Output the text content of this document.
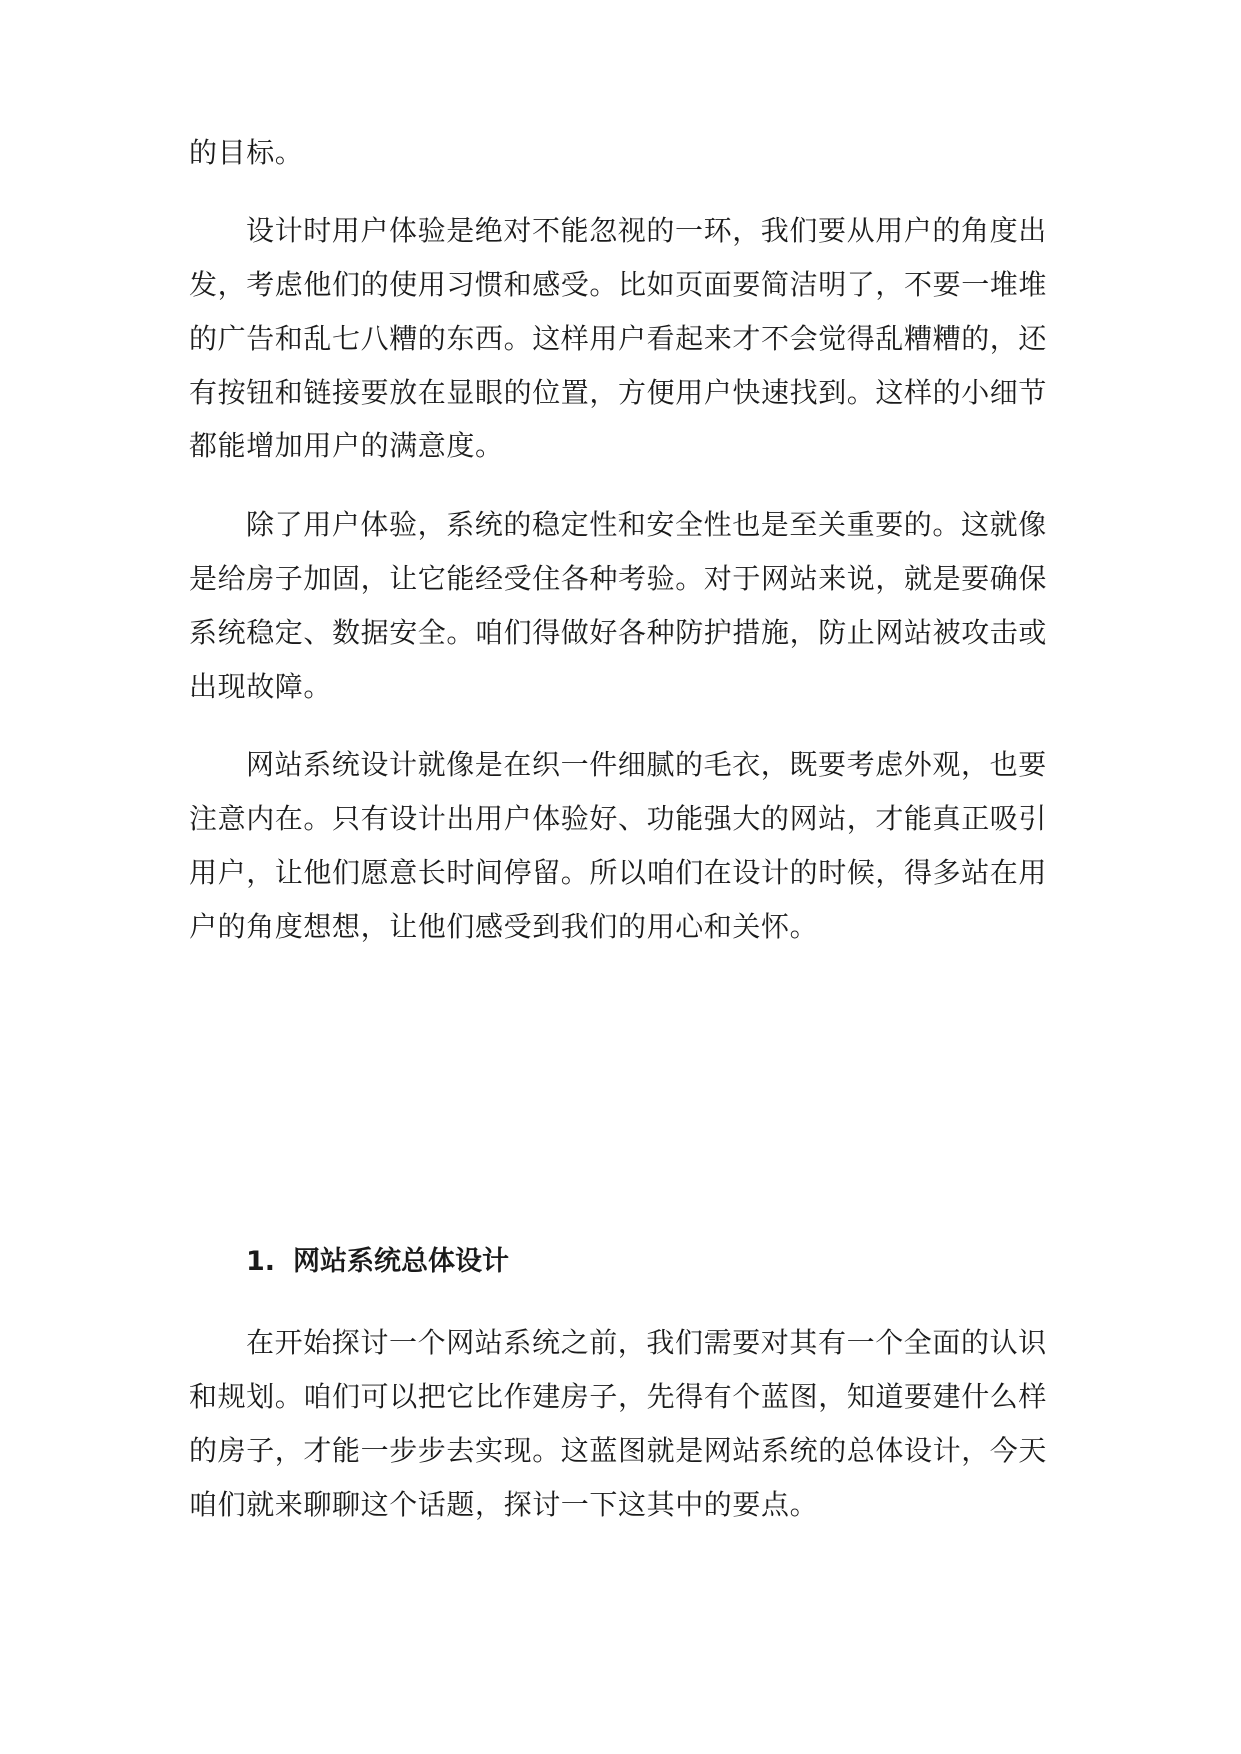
的目标。
设计时用户体验是绝对不能忽视的一环，我们要从用户的角度出
发，考虑他们的使用习惯和感受。比如页面要简洁明了，不要一堆堆
的广告和乱七八糟的东西。这样用户看起来才不会觉得乱糟糟的，还
有按钮和链接要放在显眼的位置，方便用户快速找到。这样的小细节
都能增加用户的满意度。
除了用户体验，系统的稳定性和安全性也是至关重要的。这就像
是给房子加固，让它能经受住各种考验。对于网站来说，就是要确保
系统稳定、数据安全。咱们得做好各种防护措施，防止网站被攻击或
出现故障。
网站系统设计就像是在织一件细腻的毛衣，既要考虑外观，也要
注意内在。只有设计出用户体验好、功能强大的网站，才能真正吸引
用户，让他们愿意长时间停留。所以咱们在设计的时候，得多站在用
户的角度想想，让他们感受到我们的用心和关怀。
1. 网站系统总体设计
在开始探讨一个网站系统之前，我们需要对其有一个全面的认识
和规划。咱们可以把它比作建房子，先得有个蓝图，知道要建什么样
的房子，才能一步步去实现。这蓝图就是网站系统的总体设计，今天
咱们就来聊聊这个话题，探讨一下这其中的要点。
